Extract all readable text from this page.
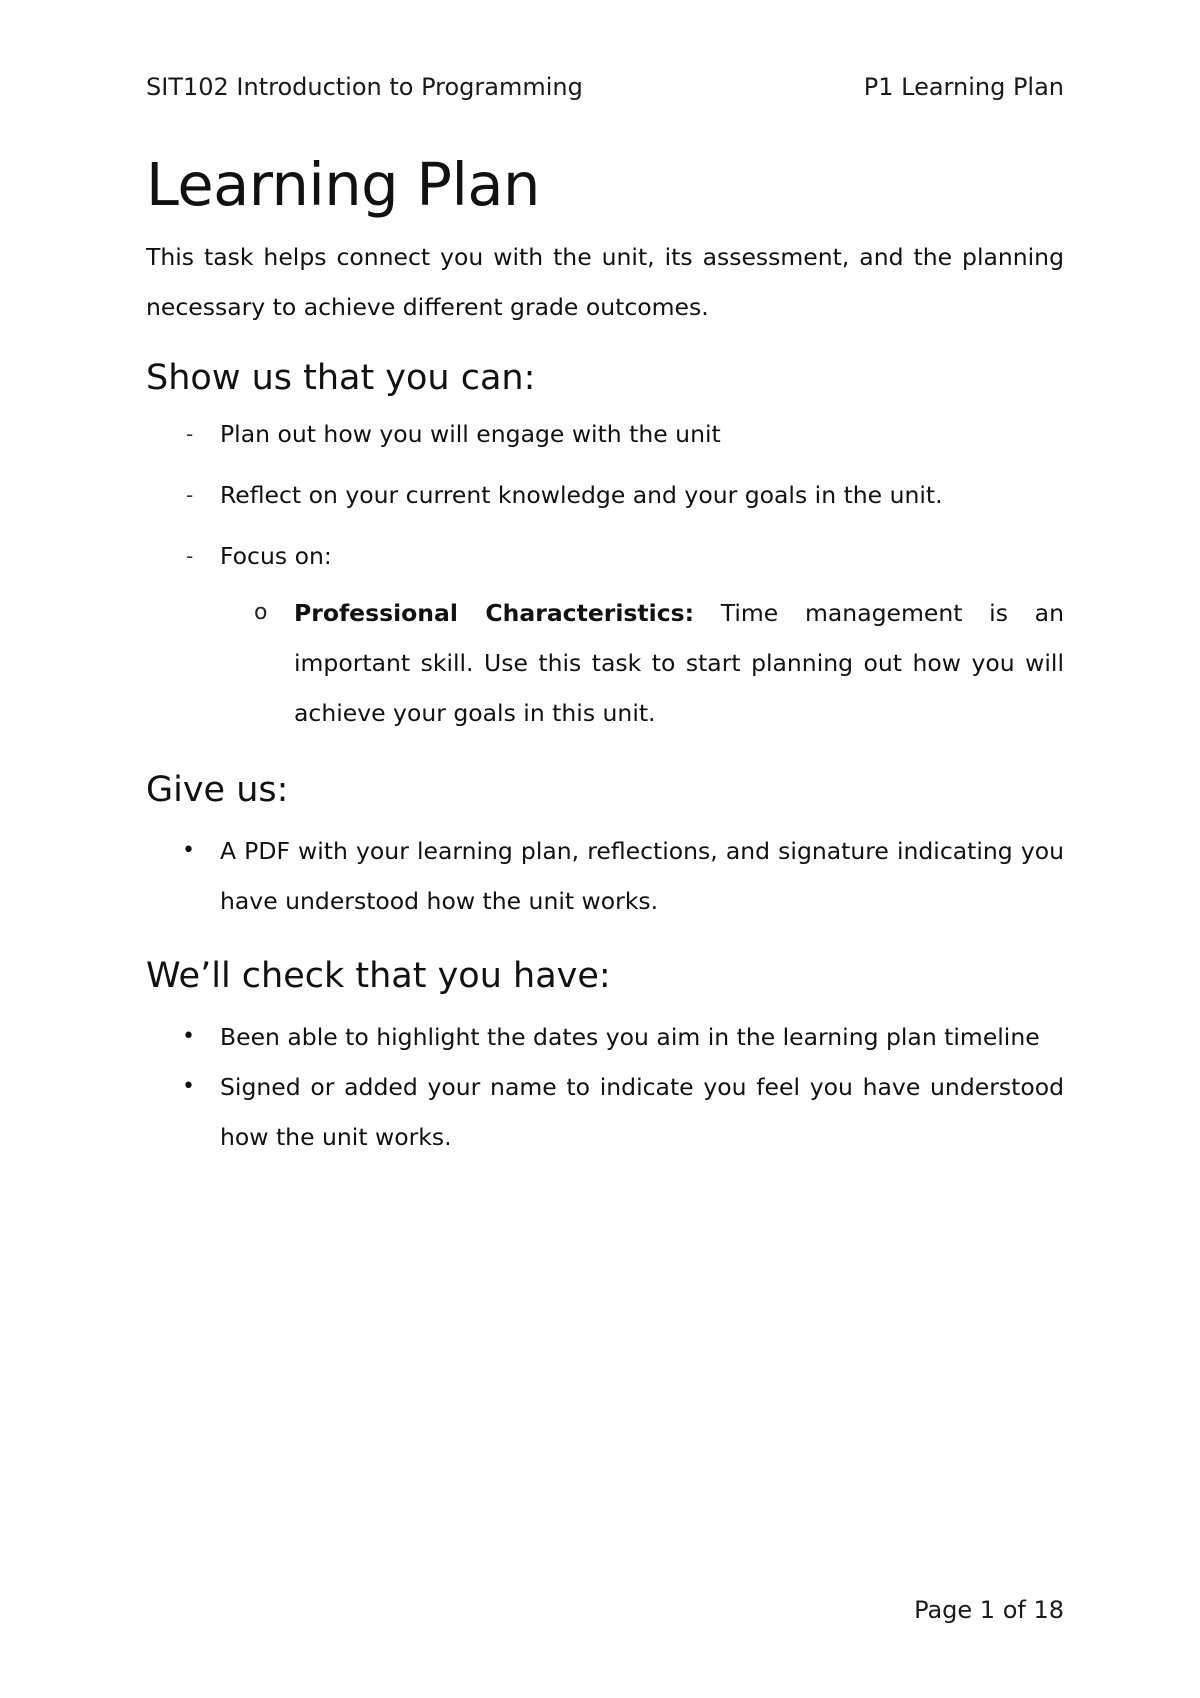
SIT102 Introduction to Programming	P1 Learning Plan
Learning Plan

This task helps connect you with the unit, its assessment, and the planning necessary to achieve different grade outcomes.

Show us that you can:
- Plan out how you will engage with the unit
- Reflect on your current knowledge and your goals in the unit.
- Focus on:
o Professional Characteristics: Time management is an important skill. Use this task to start planning out how you will achieve your goals in this unit.
Give us:
• A PDF with your learning plan, reflections, and signature indicating you have understood how the unit works.
We’ll check that you have:
• Been able to highlight the dates you aim in the learning plan timeline
• Signed or added your name to indicate you feel you have understood how the unit works.
Page 1 of 18
